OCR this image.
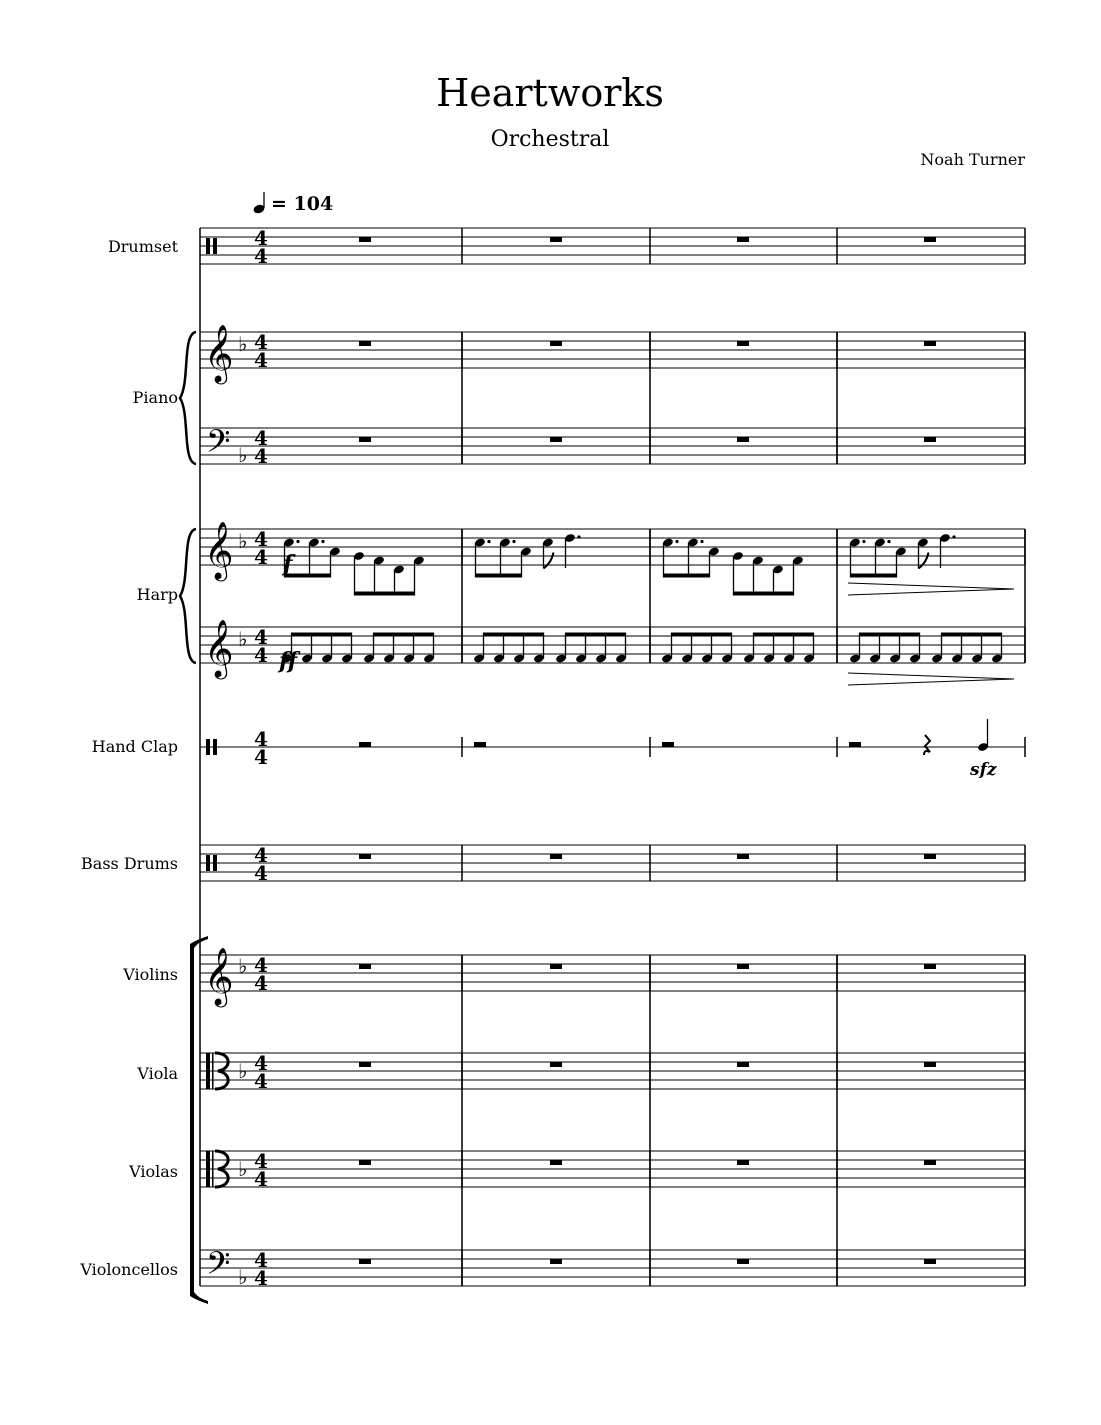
Heartworks
Orchestral
Noah Turner
= 104
Drumset
Piano
Harp
Hand Clap
Bass Drums
Violins
Viola
Violas
Violoncellos
4
4
𝄞 ♭ 4
4
𝄢 ♭
4
4
𝄞 ♭ 4
4
𝄞 ♭ 4
4
4
4
4
4
𝄞 ♭ 4
4
♭ 4
4
♭ 4
4
𝄢 ♭
4
4
f
ff
sfz
